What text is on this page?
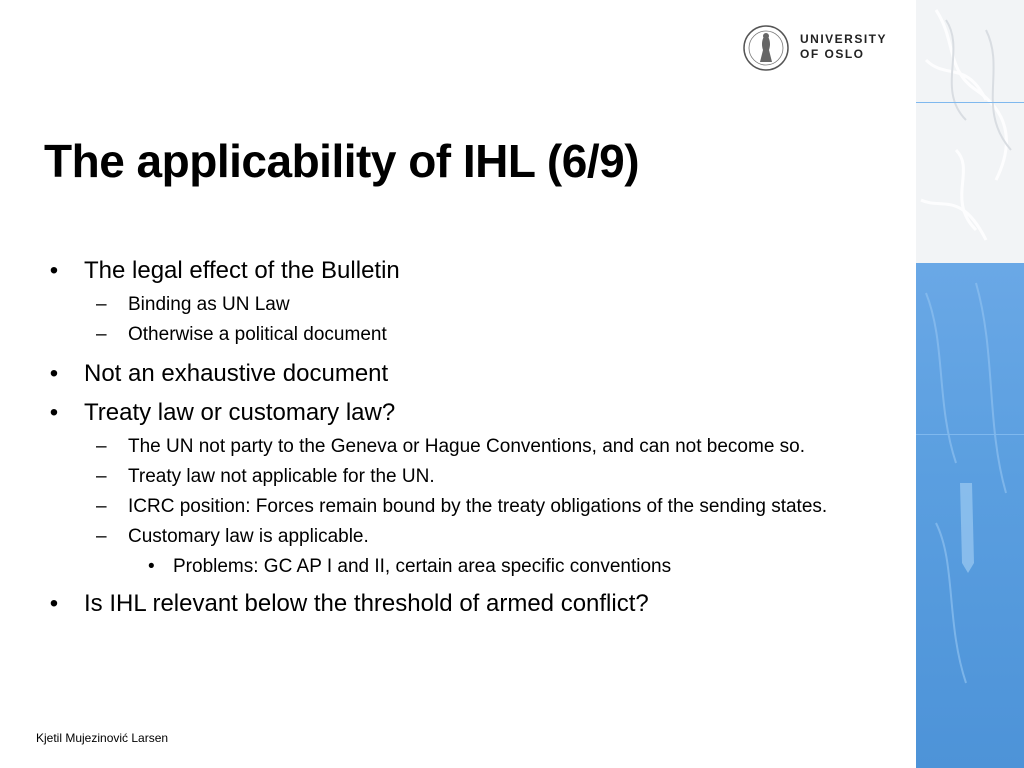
UNIVERSITY
OF OSLO
The applicability of IHL (6/9)
• The legal effect of the Bulletin
– Binding as UN Law
– Otherwise a political document
• Not an exhaustive document
• Treaty law or customary law?
– The UN not party to the Geneva or Hague Conventions, and can not become so.
– Treaty law not applicable for the UN.
– ICRC position: Forces remain bound by the treaty obligations of the sending states.
– Customary law is applicable.
• Problems: GC AP I and II, certain area specific conventions
• Is IHL relevant below the threshold of armed conflict?
Kjetil Mujezinović Larsen
